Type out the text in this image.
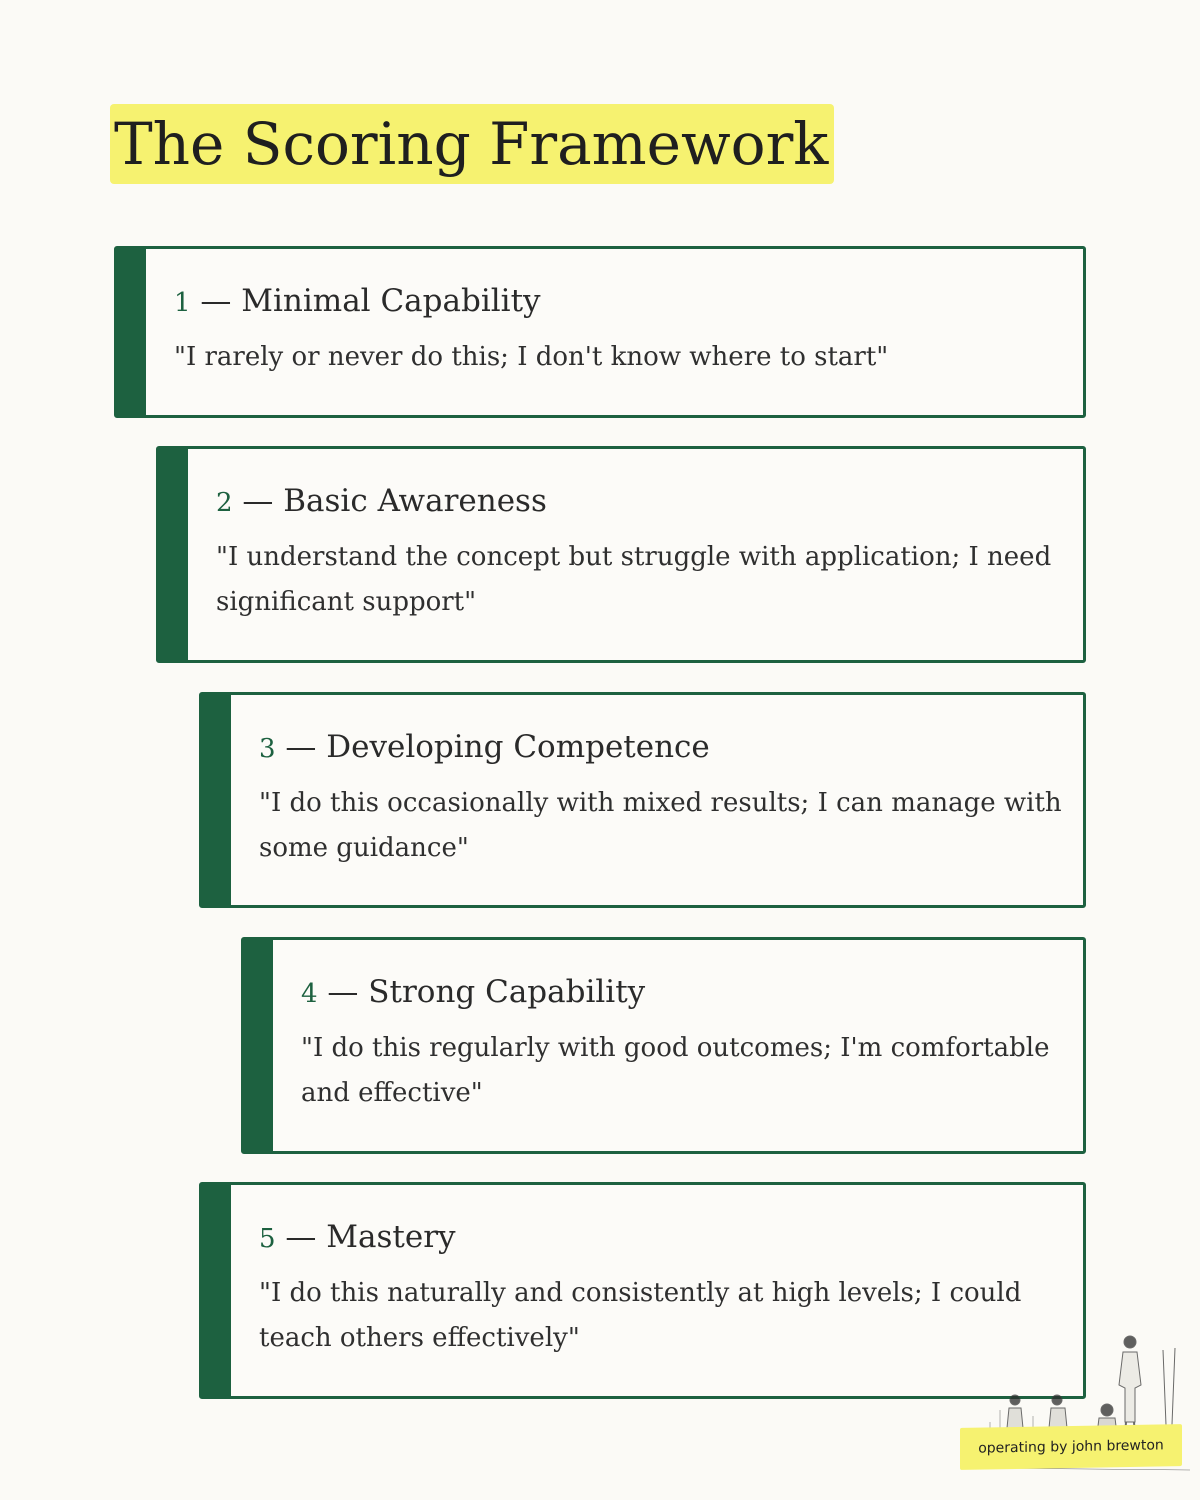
The Scoring Framework

1 — Minimal Capability

"I rarely or never do this; I don't know where to start"

2 — Basic Awareness

"I understand the concept but struggle with application; I need significant support"

3 — Developing Competence

"I do this occasionally with mixed results; I can manage with some guidance"

4 — Strong Capability

"I do this regularly with good outcomes; I'm comfortable and effective"

5 — Mastery

"I do this naturally and consistently at high levels; I could teach others effectively"

operating by john brewton
